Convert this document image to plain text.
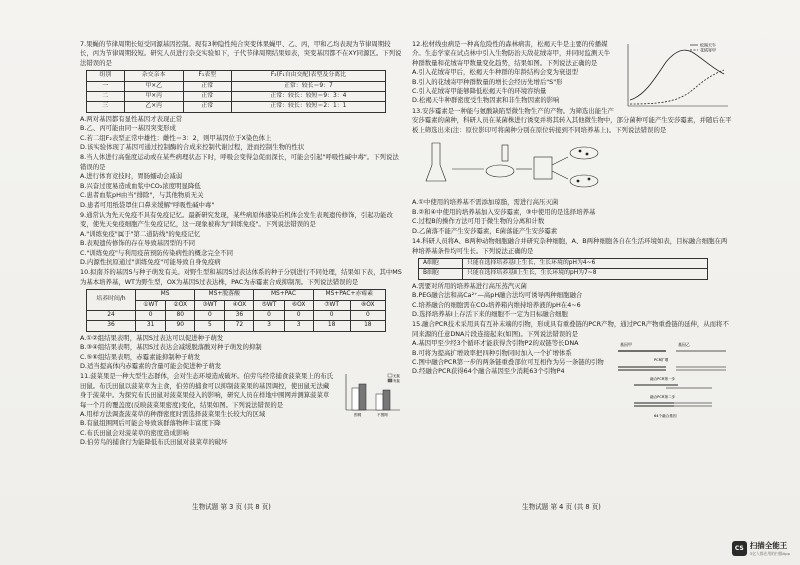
7.果蝇的节律周期长短受同源基因控制。现有3种隐性纯合突变体果蝇甲、乙、丙，甲和乙均表现为节律周期较长，丙为节律周期较短。研究人员进行杂交实验如下，子代节律周期结果如表，突变基因都不在XY同源区。下列说法错误的是

组别	杂交亲本	F₁表型	F₂(F₁自由交配)表型及分离比
一	甲×乙	正常	正常：较长＝9：7
二	甲×丙	正常	正常：较长：较短＝9：3：4
三	乙×丙	正常	正常：较长：较短＝2：1：1

A.两对基因都有显性基因才表现正常

B.乙、丙可能由同一基因突变形成

C.若二组F₂表型正常中雄性：雌性＝3：2，则甲基因位于X染色体上

D.该实验体现了基因可通过控制酶的合成来控制代谢过程，进而控制生物的性状

8.当人体进行高强度运动或在某些病理状态下时，呼吸会变得急促而深长，可能会引起"呼吸性碱中毒"。下列说法错误的是

A.进行体育竞技时，胃肠蠕动会减弱

B.兴奋过度易造成血浆中CO₂浓度明显降低

C.患者血浆pH由当"排除"，与其他物质无关

D.患者可用纸袋罩住口鼻来缓解"呼吸性碱中毒"

9.通常认为先天免疫不具有免疫记忆。最新研究发现，某些病原体感染后机体会发生表观遗传修饰，引起功能改变，使先天免疫细胞产生免疫记忆，这一现象被称为"训练免疫"。下列说法错误的是

A."训练免疫"属于"第二道防线"的免疫记忆

B.表观遗传修饰的存在导致基因型的不同

C."训练免疫"与利用疫苗预防传染病性的概念完全不同

D.内源性抗原通过"训练免疫"可能导致自身免疫病

10.拟南芥的基因S与种子萌发有关。对野生型和基因S过表达体系的种子分别进行不同处理，结果如下表，其中MS为基本培养基，WT为野生型，OX为基因S过表达株，PAC为赤霉素合成抑制剂。下列说法错误的是

培养时间/h	MS		MS+脱落酸		MS+PAC		MS+PAC+赤霉素	
	①WT	②OX	③WT	④OX	⑤WT	⑥OX	⑦WT	⑧OX
24	0	80	0	36	0	0	0	0
36	31	90	5	72	3	3	18	18

A.①②组结果表明，基因S过表达可以促进种子萌发

B.③④组结果表明，基因S过表达会减缓脱落酸对种子萌发的抑制

C.⑤⑥组结果表明，赤霉素能抑制种子萌发

D.适当提高体内赤霉素的含量可能会促进种子萌发

无鼠
有鼠
围网	不围网

11.菠菜果是一种大型生态群体，会对生态环境造成破坏。伯劳鸟经常捕食菠菜果上的布氏田鼠。布氏田鼠以菠菜草为主食，伯劳的捕食可以抑制菠菜果的基因调控，使田鼠无法藏身于菠菜中。为探究布氏田鼠对菠菜果侵入的影响，研究人员在样地中围网并测算菠菜草每一个月的覆盖度(反映菠菜果密度)变化，结果如图。下列说法错误的是

A.用样方法调查菠菜草的种群密度时需选择菠菜果生长较大的区域

B.有鼠组围网后可能会导致该群落物种丰富度下降

C.布氏田鼠会对菠菜草的密度造成影响

D.伯劳鸟的捕食行为能降低布氏田鼠对菠菜草的破坏

生物试题 第 3 页 (共 8 页)
松褐天牛
花绒寄甲

12.松材线虫病是一种高危险性的森林病害，松褐天牛是主要的传播媒介。生态学家在试点林中引入生物防治天敌花绒寄甲，并同时监测天牛种群数量和花绒寄甲数量变化趋势，结果如图。下列说法正确的是

A.引入花绒寄甲后，松褐天牛种群的年龄结构会变为衰退型

B.引入的花绒寄甲种群数量的增长会经历先增后"S"形

C.引入花绒寄甲能够降低松褐天牛的环境容纳量

D.松褐天牛种群密度受生物因素和非生物因素的影响

13.安莎霉素是一种能与氨酸缺陷型微生物生产的产物。为筛选出能生产安莎霉素的菌种，科研人员在某菌株进行诱变并将其转入其他微生物中，部分菌种可能产生安莎霉素，并随后在平板上筛选出来(注：原位影印可将菌种分别在原位转接到不同培养基上)。下列说法错误的是

A.①中使用的培养基不需添加琼脂，需进行高压灭菌

B.②和④中使用的培养基加入安莎霉素，③中使用的是选择培养基

C.过程B的操作方法可用于微生物的分离和计数

D.乙菌落不能产生安莎霉素，E菌落能产生安莎霉素

14.科研人员将A、B两种动物细胞融合并研究杂种细胞，A、B两种细胞各自在生活环境如表，目标融合细胞在两种培养基条件均可生长。下列说法正确的是

A细胞	只能在选择培养基Ⅰ上生长，生长环境的pH为4~6
B细胞	只能在选择培养基Ⅱ上生长，生长环境的pH为7~8

A.需要对所用的培养基进行高压蒸汽灭菌

B.PEG融合法和高Ca²⁺—高pH融合法均可诱导两种细胞融合

C.培养融合的细胞需在CO₂培养箱内维持培养液的pH在4~6

D.选择培养基Ⅰ上存活下来的细胞不一定为目标融合细胞

15.融合PCR技术采用具有互补末端的引物，形成具有重叠链的PCR产物，通过PCR产物重叠链的延伸，从而将不同来源的任意DNA片段连接起来(如图)。下列说法错误的是

基因甲	基因乙
PCR扩增
融合PCR第一步
融合PCR第二步
64个融合基因

A.基因甲至少经3个循环才能获得含引物P2的双链等长DNA

B.可将为提高扩增效率把四种引物同时加入一个扩增体系

C.图中融合PCR第一步的两条链重叠部位可互相作为另一条链的引物

D.经融合PCR获得64个融合基因至少消耗63个引物P4

生物试题 第 4 页 (共 8 页)
CS 扫描全能王
3亿人都在用的扫描App
